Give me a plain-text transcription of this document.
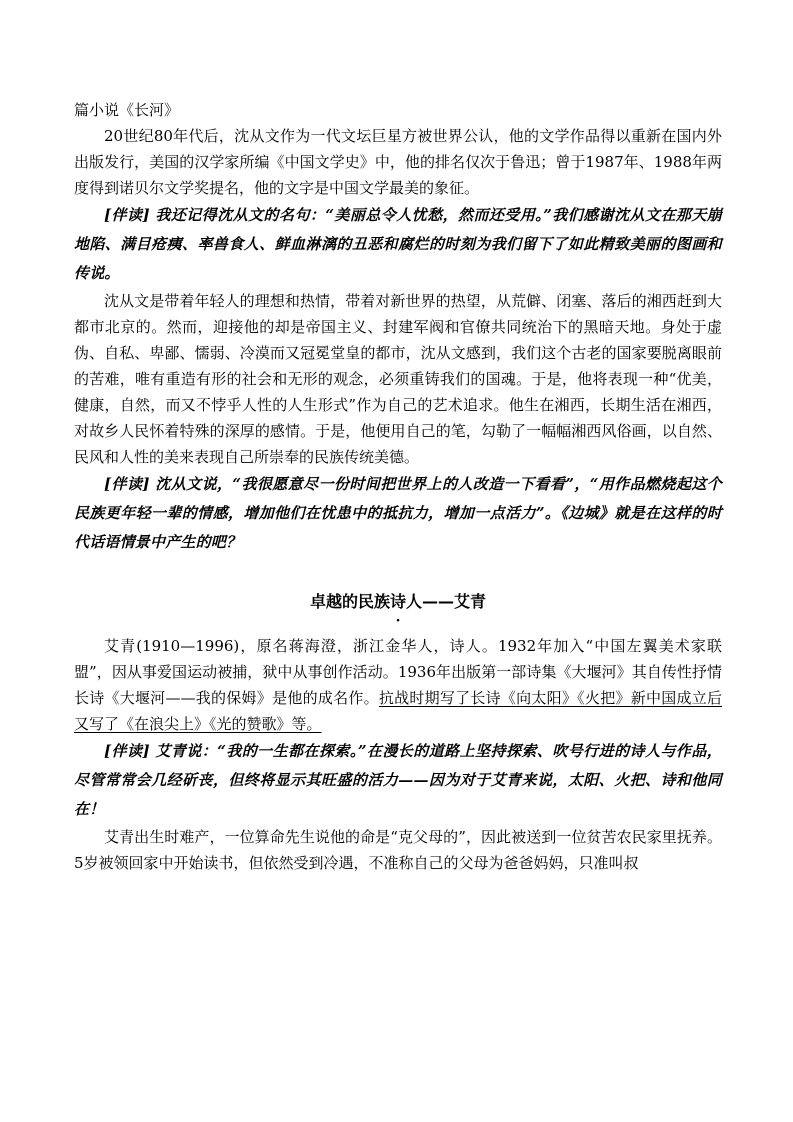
篇小说《长河》

20世纪80年代后，沈从文作为一代文坛巨星方被世界公认，他的文学作品得以重新在国内外出版发行，美国的汉学家所编《中国文学史》中，他的排名仅次于鲁迅；曾于1987年、1988年两度得到诺贝尔文学奖提名，他的文字是中国文学最美的象征。

[伴读] 我还记得沈从文的名句：“美丽总令人忧愁，然而还受用。”我们感谢沈从文在那天崩地陷、满目疮痍、率兽食人、鲜血淋漓的丑恶和腐烂的时刻为我们留下了如此精致美丽的图画和传说。

沈从文是带着年轻人的理想和热情，带着对新世界的热望，从荒僻、闭塞、落后的湘西赶到大都市北京的。然而，迎接他的却是帝国主义、封建军阀和官僚共同统治下的黑暗天地。身处于虚伪、自私、卑鄙、懦弱、冷漠而又冠冕堂皇的都市，沈从文感到，我们这个古老的国家要脱离眼前的苦难，唯有重造有形的社会和无形的观念，必须重铸我们的国魂。于是，他将表现一种“优美，健康，自然，而又不悖乎人性的人生形式”作为自己的艺术追求。他生在湘西，长期生活在湘西，对故乡人民怀着特殊的深厚的感情。于是，他便用自己的笔，勾勒了一幅幅湘西风俗画，以自然、民风和人性的美来表现自己所崇奉的民族传统美德。

[伴读] 沈从文说，“我很愿意尽一份时间把世界上的人改造一下看看”，“用作品燃烧起这个民族更年轻一辈的情感，增加他们在忧患中的抵抗力，增加一点活力”。《边城》就是在这样的时代话语情景中产生的吧？

卓越的民族诗人——艾青
·

艾青(1910—1996)，原名蒋海澄，浙江金华人，诗人。1932年加入“中国左翼美术家联盟”，因从事爱国运动被捕，狱中从事创作活动。1936年出版第一部诗集《大堰河》其自传性抒情长诗《大堰河——我的保姆》是他的成名作。抗战时期写了长诗《向太阳》《火把》新中国成立后又写了《在浪尖上》《光的赞歌》等。

[伴读] 艾青说：“我的一生都在探索。”在漫长的道路上坚持探索、吹号行进的诗人与作品，尽管常常会几经斫丧，但终将显示其旺盛的活力——因为对于艾青来说，太阳、火把、诗和他同在！

艾青出生时难产，一位算命先生说他的命是“克父母的”，因此被送到一位贫苦农民家里抚养。5岁被领回家中开始读书，但依然受到冷遇，不准称自己的父母为爸爸妈妈，只准叫叔
